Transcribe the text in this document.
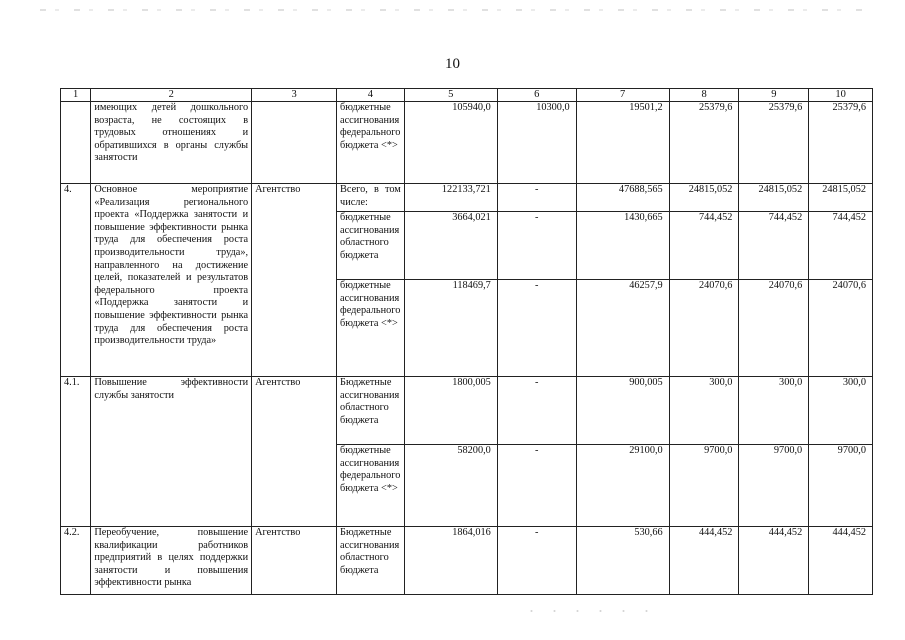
10
1	2	3	4	5	6	7	8	9	10
	имеющих детей дошкольного возраста, не состоящих в трудовых отношениях и обратившихся в органы службы занятости		бюджетные ассигнования федерального бюджета <*>	105940,0	10300,0	19501,2	25379,6	25379,6	25379,6
4.	Основное мероприятие «Реализация регионального проекта «Поддержка занятости и повышение эффективности рынка труда для обеспечения роста производительности труда», направленного на достижение целей, показателей и результатов федерального проекта «Поддержка занятости и повышение эффективности рынка труда для обеспечения роста производительности труда»	Агентство	Всего, в том числе:	122133,721	-	47688,565	24815,052	24815,052	24815,052
			бюджетные ассигнования областного бюджета	3664,021	-	1430,665	744,452	744,452	744,452
			бюджетные ассигнования федерального бюджета <*>	118469,7	-	46257,9	24070,6	24070,6	24070,6
4.1.	Повышение эффективности службы занятости	Агентство	Бюджетные ассигнования областного бюджета	1800,005	-	900,005	300,0	300,0	300,0
			бюджетные ассигнования федерального бюджета <*>	58200,0	-	29100,0	9700,0	9700,0	9700,0
4.2.	Переобучение, повышение квалификации работников предприятий в целях поддержки занятости и повышения эффективности рынка	Агентство	Бюджетные ассигнования областного бюджета	1864,016	-	530,66	444,452	444,452	444,452
